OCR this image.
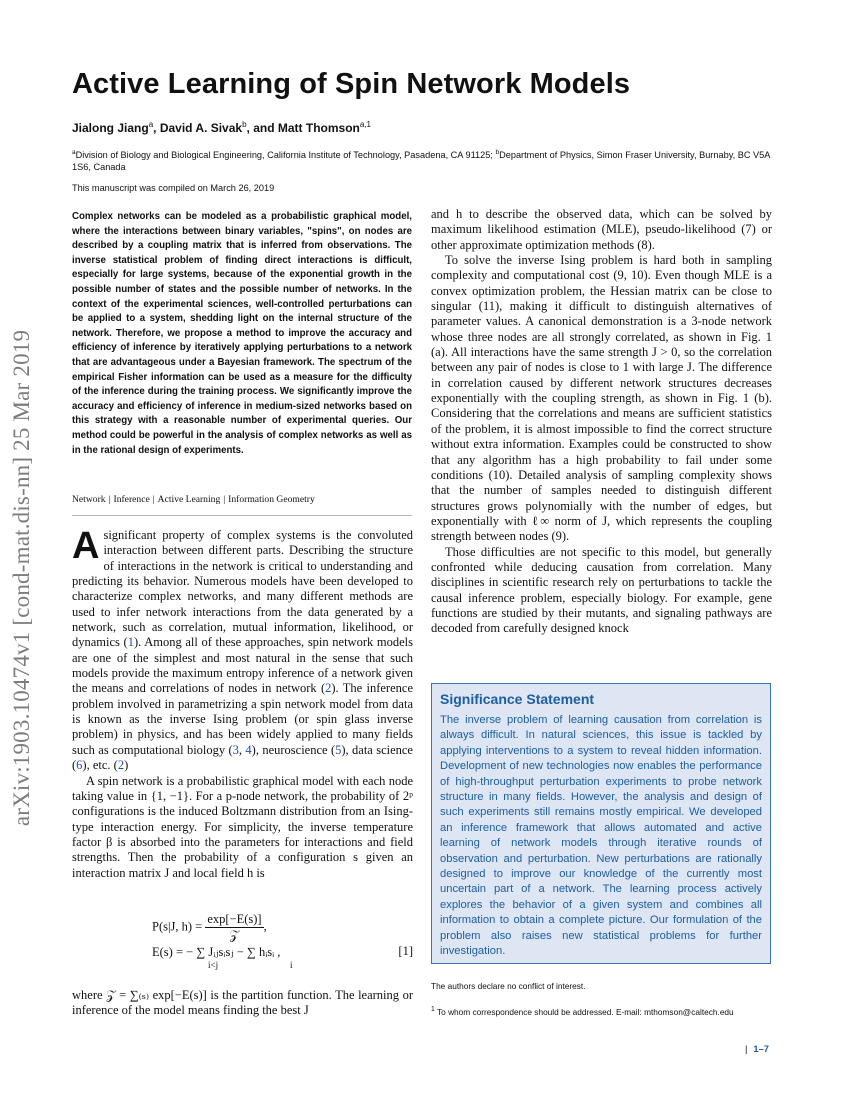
arXiv:1903.10474v1 [cond-mat.dis-nn] 25 Mar 2019
Active Learning of Spin Network Models
Jialong Jiang$^a$, David A. Sivak$^b$, and Matt Thomson$^{a,1}$
$^a$Division of Biology and Biological Engineering, California Institute of Technology, Pasadena, CA 91125; $^b$Department of Physics, Simon Fraser University, Burnaby, BC V5A 1S6, Canada
This manuscript was compiled on March 26, 2019

Complex networks can be modeled as a probabilistic graphical model, where the interactions between binary variables, "spins", on nodes are described by a coupling matrix that is inferred from observations. The inverse statistical problem of finding direct interactions is difficult, especially for large systems, because of the exponential growth in the possible number of states and the possible number of networks. In the context of the experimental sciences, well-controlled perturbations can be applied to a system, shedding light on the internal structure of the network. Therefore, we propose a method to improve the accuracy and efficiency of inference by iteratively applying perturbations to a network that are advantageous under a Bayesian framework. The spectrum of the empirical Fisher information can be used as a measure for the difficulty of the inference during the training process. We significantly improve the accuracy and efficiency of inference in medium-sized networks based on this strategy with a reasonable number of experimental queries. Our method could be powerful in the analysis of complex networks as well as in the rational design of experiments.

Network | Inference | Active Learning | Information Geometry

Asignificant property of complex systems is the convoluted interaction between different parts. Describing the structure of interactions in the network is critical to understanding and predicting its behavior. Numerous models have been developed to characterize complex networks, and many different methods are used to infer network interactions from the data generated by a network, such as correlation, mutual information, likelihood, or dynamics (1). Among all of these approaches, spin network models are one of the simplest and most natural in the sense that such models provide the maximum entropy inference of a network given the means and correlations of nodes in network (2). The inference problem involved in parametrizing a spin network model from data is known as the inverse Ising problem (or spin glass inverse problem) in physics, and has been widely applied to many fields such as computational biology (3, 4), neuroscience (5), data science (6), etc. (2)

A spin network is a probabilistic graphical model with each node taking value in {1, −1}. For a p-node network, the probability of 2ᵖ configurations is the induced Boltzmann distribution from an Ising-type interaction energy. For simplicity, the inverse temperature factor β is absorbed into the parameters for interactions and field strengths. Then the probability of a configuration s given an interaction matrix J and local field h is

P(s|J, $h) = \frac{\exp[-E(s)]}{\text{𝒵}}$ ,
E(s) = − ∑ Jᵢⱼsᵢsⱼ − ∑ hᵢsᵢ ,
i<j	i
[1]
where 𝒵 = ∑₍ₛ₎ exp[−E(s)] is the partition function. The learning or inference of the model means finding the best J

and h to describe the observed data, which can be solved by maximum likelihood estimation (MLE), pseudo-likelihood (7) or other approximate optimization methods (8).

To solve the inverse Ising problem is hard both in sampling complexity and computational cost (9, 10). Even though MLE is a convex optimization problem, the Hessian matrix can be close to singular (11), making it difficult to distinguish alternatives of parameter values. A canonical demonstration is a 3-node network whose three nodes are all strongly correlated, as shown in Fig. 1 (a). All interactions have the same strength J > 0, so the correlation between any pair of nodes is close to 1 with large J. The difference in correlation caused by different network structures decreases exponentially with the coupling strength, as shown in Fig. 1 (b). Considering that the correlations and means are sufficient statistics of the problem, it is almost impossible to find the correct structure without extra information. Examples could be constructed to show that any algorithm has a high probability to fail under some conditions (10). Detailed analysis of sampling complexity shows that the number of samples needed to distinguish different structures grows polynomially with the number of edges, but exponentially with ℓ∞ norm of J, which represents the coupling strength between nodes (9).

Those difficulties are not specific to this model, but generally confronted while deducing causation from correlation. Many disciplines in scientific research rely on perturbations to tackle the causal inference problem, especially biology. For example, gene functions are studied by their mutants, and signaling pathways are decoded from carefully designed knock

Significance Statement

The inverse problem of learning causation from correlation is always difficult. In natural sciences, this issue is tackled by applying interventions to a system to reveal hidden information. Development of new technologies now enables the performance of high-throughput perturbation experiments to probe network structure in many fields. However, the analysis and design of such experiments still remains mostly empirical. We developed an inference framework that allows automated and active learning of network models through iterative rounds of observation and perturbation. New perturbations are rationally designed to improve our knowledge of the currently most uncertain part of a network. The learning process actively explores the behavior of a given system and combines all information to obtain a complete picture. Our formulation of the problem also raises new statistical problems for further investigation.

The authors declare no conflict of interest.
$^1$ To whom correspondence should be addressed. E-mail: mthomson@caltech.edu
| 1–7
